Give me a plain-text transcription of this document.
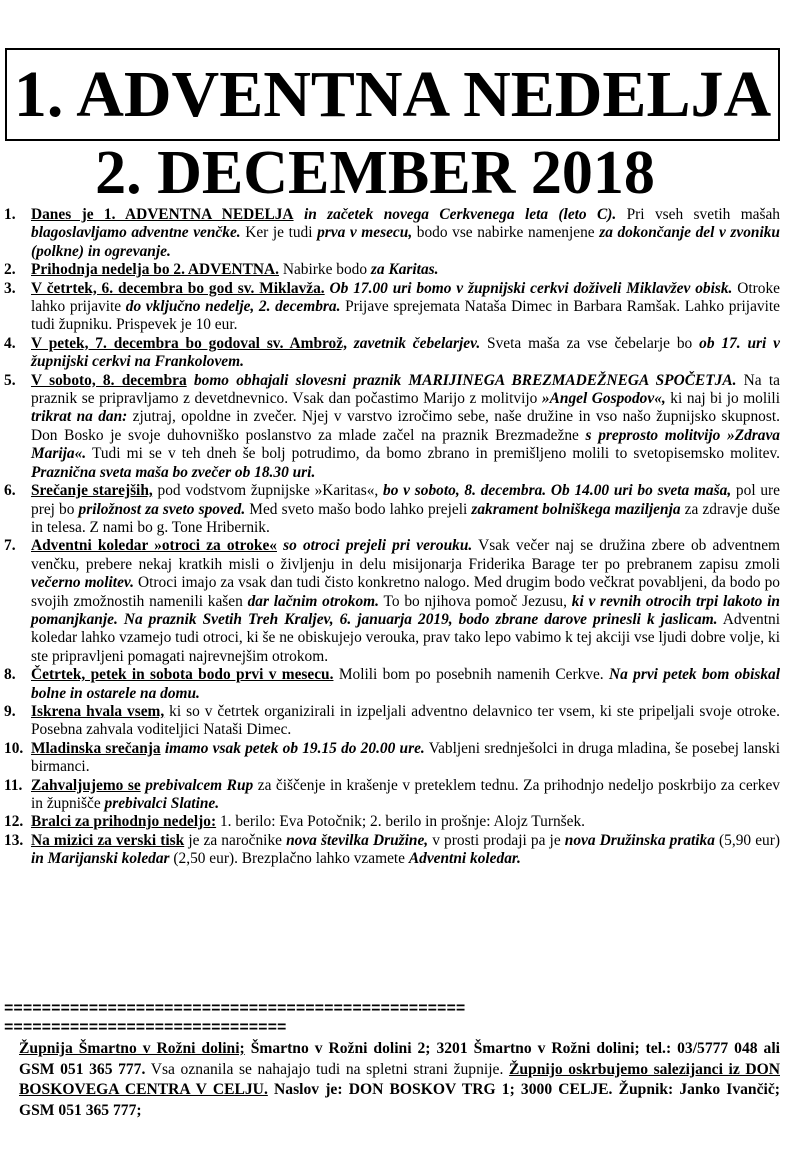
1. ADVENTNA NEDELJA
2. DECEMBER 2018
1. Danes je 1. ADVENTNA NEDELJA in začetek novega Cerkvenega leta (leto C). Pri vseh svetih mašah blagoslavljamo adventne venčke. Ker je tudi prva v mesecu, bodo vse nabirke namenjene za dokončanje del v zvoniku (polkne) in ogrevanje.
2. Prihodnja nedelja bo 2. ADVENTNA. Nabirke bodo za Karitas.
3. V četrtek, 6. decembra bo god sv. Miklavža. Ob 17.00 uri bomo v župnijski cerkvi doživeli Miklavžev obisk. Otroke lahko prijavite do vključno nedelje, 2. decembra. Prijave sprejemata Nataša Dimec in Barbara Ramšak. Lahko prijavite tudi župniku. Prispevek je 10 eur.
4. V petek, 7. decembra bo godoval sv. Ambrož, zavetnik čebelarjev. Sveta maša za vse čebelarje bo ob 17. uri v župnijski cerkvi na Frankolovem.
5. V soboto, 8. decembra bomo obhajali slovesni praznik MARIJINEGA BREZMADEŽNEGA SPOČETJA. Na ta praznik se pripravljamo z devetdnevnico. Vsak dan počastimo Marijo z molitvijo »Angel Gospodov«, ki naj bi jo molili trikrat na dan: zjutraj, opoldne in zvečer. Njej v varstvo izročimo sebe, naše družine in vso našo župnijsko skupnost. Don Bosko je svoje duhovniško poslanstvo za mlade začel na praznik Brezmadežne s preprosto molitvijo »Zdrava Marija«. Tudi mi se v teh dneh še bolj potrudimo, da bomo zbrano in premišljeno molili to svetopisemsko molitev. Praznična sveta maša bo zvečer ob 18.30 uri.
6. Srečanje starejših, pod vodstvom župnijske »Karitas«, bo v soboto, 8. decembra. Ob 14.00 uri bo sveta maša, pol ure prej bo priložnost za sveto spoved. Med sveto mašo bodo lahko prejeli zakrament bolniškega maziljenja za zdravje duše in telesa. Z nami bo g. Tone Hribernik.
7. Adventni koledar »otroci za otroke« so otroci prejeli pri verouku. Vsak večer naj se družina zbere ob adventnem venčku, prebere nekaj kratkih misli o življenju in delu misijonarja Friderika Barage ter po prebranem zapisu zmoli večerno molitev. Otroci imajo za vsak dan tudi čisto konkretno nalogo. Med drugim bodo večkrat povabljeni, da bodo po svojih zmožnostih namenili kašen dar lačnim otrokom. To bo njihova pomoč Jezusu, ki v revnih otrocih trpi lakoto in pomanjkanje. Na praznik Svetih Treh Kraljev, 6. januarja 2019, bodo zbrane darove prinesli k jaslicam. Adventni koledar lahko vzamejo tudi otroci, ki še ne obiskujejo verouka, prav tako lepo vabimo k tej akciji vse ljudi dobre volje, ki ste pripravljeni pomagati najrevnejšim otrokom.
8. Četrtek, petek in sobota bodo prvi v mesecu. Molili bom po posebnih namenih Cerkve. Na prvi petek bom obiskal bolne in ostarele na domu.
9. Iskrena hvala vsem, ki so v četrtek organizirali in izpeljali adventno delavnico ter vsem, ki ste pripeljali svoje otroke. Posebna zahvala voditeljici Nataši Dimec.
10. Mladinska srečanja imamo vsak petek ob 19.15 do 20.00 ure. Vabljeni srednješolci in druga mladina, še posebej lanski birmanci.
11. Zahvaljujemo se prebivalcem Rup za čiščenje in krašenje v preteklem tednu. Za prihodnjo nedeljo poskrbijo za cerkev in župnišče prebivalci Slatine.
12. Bralci za prihodnjo nedeljo: 1. berilo: Eva Potočnik; 2. berilo in prošnje: Alojz Turnšek.
13. Na mizici za verski tisk je za naročnike nova številka Družine, v prosti prodaji pa je nova Družinska pratika (5,90 eur) in Marijanski koledar (2,50 eur). Brezplačno lahko vzamete Adventni koledar.
=================================================
==============================
Župnija Šmartno v Rožni dolini; Šmartno v Rožni dolini 2; 3201 Šmartno v Rožni dolini; tel.: 03/5777 048 ali GSM 051 365 777. Vsa oznanila se nahajajo tudi na spletni strani župnije. Župnijo oskrbujemo salezijanci iz DON BOSKOVEGA CENTRA V CELJU. Naslov je: DON BOSKOV TRG 1; 3000 CELJE. Župnik: Janko Ivančič; GSM 051 365 777;
